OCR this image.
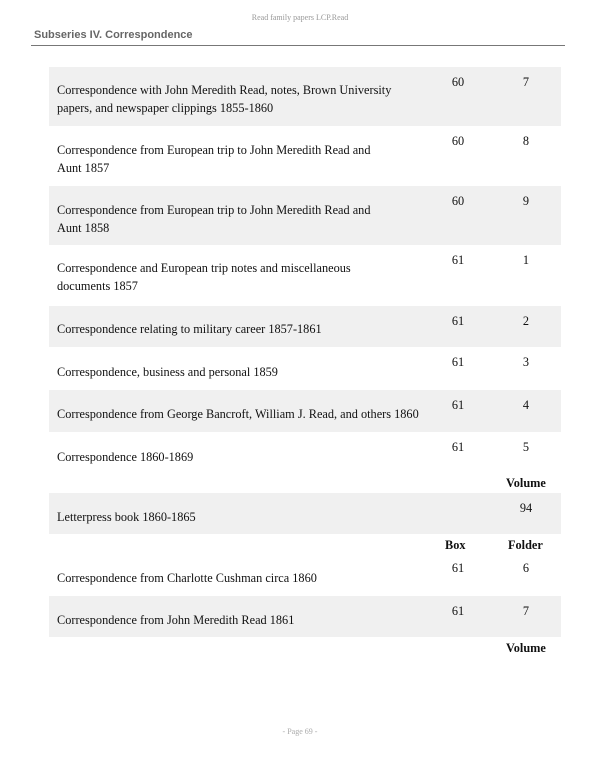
Read family papers LCP.Read
Subseries IV. Correspondence
Correspondence with John Meredith Read, notes, Brown University papers, and newspaper clippings 1855-1860
60	7
Correspondence from European trip to John Meredith Read and Aunt 1857
60	8
Correspondence from European trip to John Meredith Read and Aunt 1858
60	9
Correspondence and European trip notes and miscellaneous documents 1857
61	1
Correspondence relating to military career 1857-1861
61	2
Correspondence, business and personal 1859
61	3
Correspondence from George Bancroft, William J. Read, and others 1860
61	4
Correspondence 1860-1869
61	5
Volume
Letterpress book 1860-1865
94
Box	Folder
Correspondence from Charlotte Cushman circa 1860
61	6
Correspondence from John Meredith Read 1861
61	7
Volume
- Page 69 -
